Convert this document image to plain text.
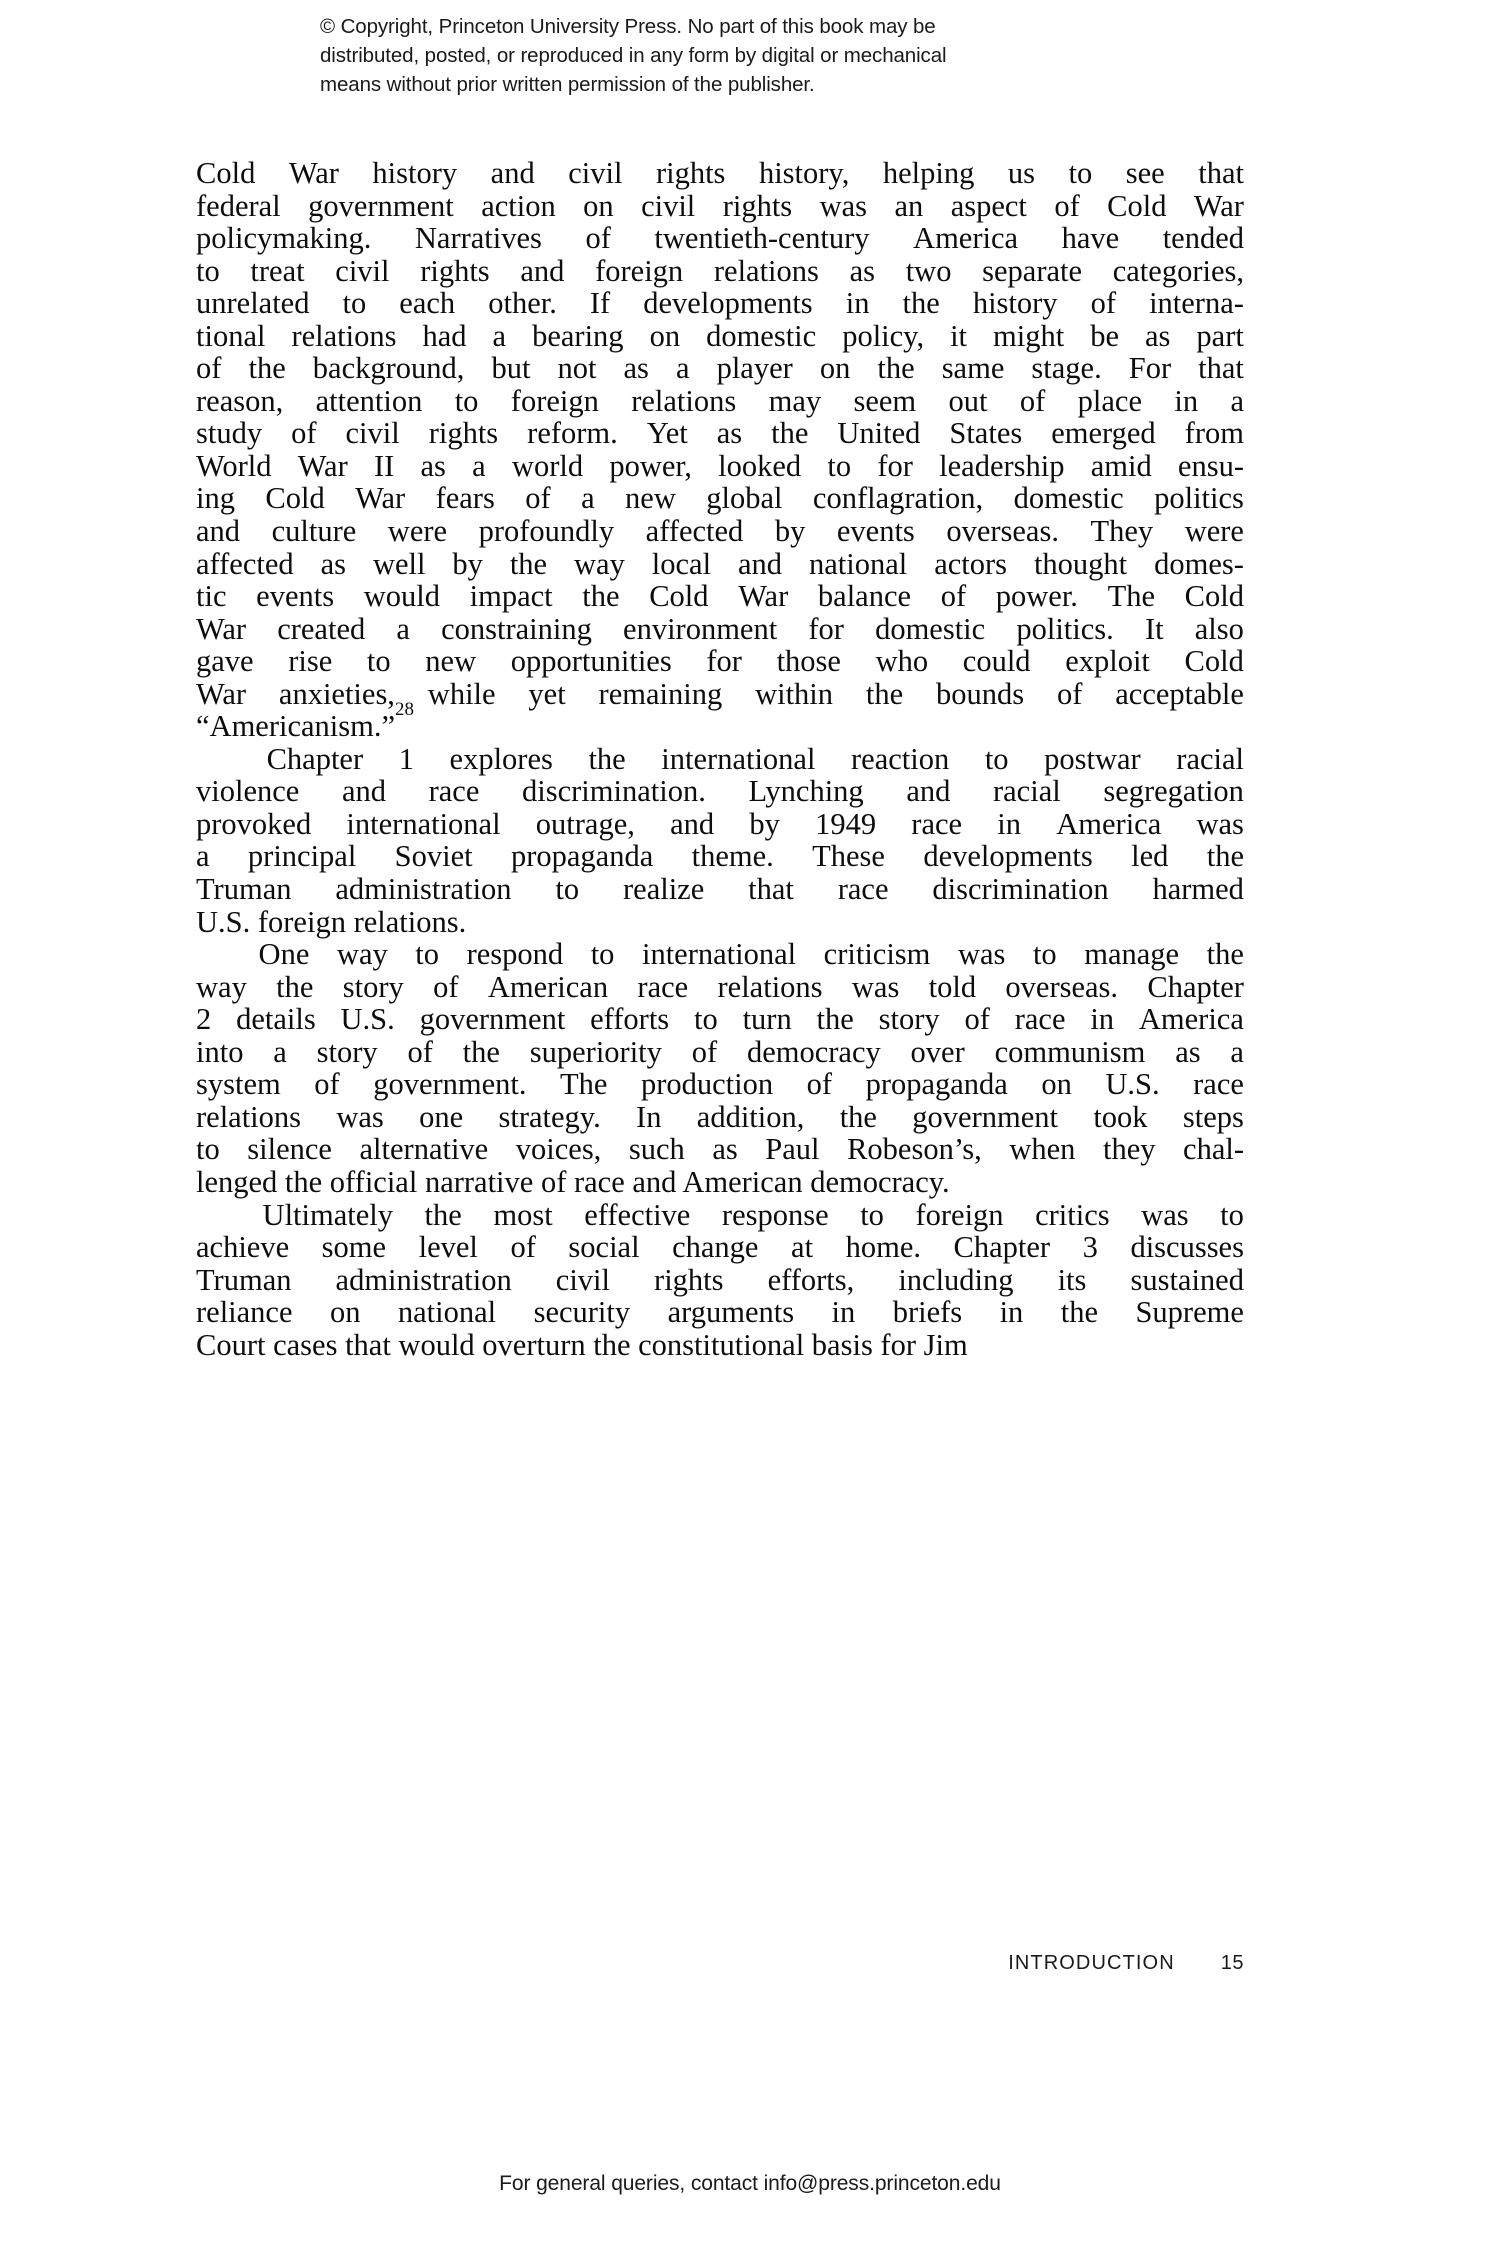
© Copyright, Princeton University Press. No part of this book may be
distributed, posted, or reproduced in any form by digital or mechanical
means without prior written permission of the publisher.
Cold War history and civil rights history, helping us to see that
federal government action on civil rights was an aspect of Cold War
policymaking. Narratives of twentieth-century America have tended
to treat civil rights and foreign relations as two separate categories,
unrelated to each other. If developments in the history of interna-
tional relations had a bearing on domestic policy, it might be as part
of the background, but not as a player on the same stage. For that
reason, attention to foreign relations may seem out of place in a
study of civil rights reform. Yet as the United States emerged from
World War II as a world power, looked to for leadership amid ensu-
ing Cold War fears of a new global conflagration, domestic politics
and culture were profoundly affected by events overseas. They were
affected as well by the way local and national actors thought domes-
tic events would impact the Cold War balance of power. The Cold
War created a constraining environment for domestic politics. It also
gave rise to new opportunities for those who could exploit Cold
War anxieties, while yet remaining within the bounds of acceptable
“Americanism.” 28
Chapter 1 explores the international reaction to postwar racial
violence and race discrimination. Lynching and racial segregation
provoked international outrage, and by 1949 race in America was
a principal Soviet propaganda theme. These developments led the
Truman administration to realize that race discrimination harmed
U.S. foreign relations.
One way to respond to international criticism was to manage the
way the story of American race relations was told overseas. Chapter
2 details U.S. government efforts to turn the story of race in America
into a story of the superiority of democracy over communism as a
system of government. The production of propaganda on U.S. race
relations was one strategy. In addition, the government took steps
to silence alternative voices, such as Paul Robeson’s, when they chal-
lenged the official narrative of race and American democracy.
Ultimately the most effective response to foreign critics was to
achieve some level of social change at home. Chapter 3 discusses
Truman administration civil rights efforts, including its sustained
reliance on national security arguments in briefs in the Supreme
Court cases that would overturn the constitutional basis for Jim
INTRODUCTION 15
For general queries, contact info@press.princeton.edu
